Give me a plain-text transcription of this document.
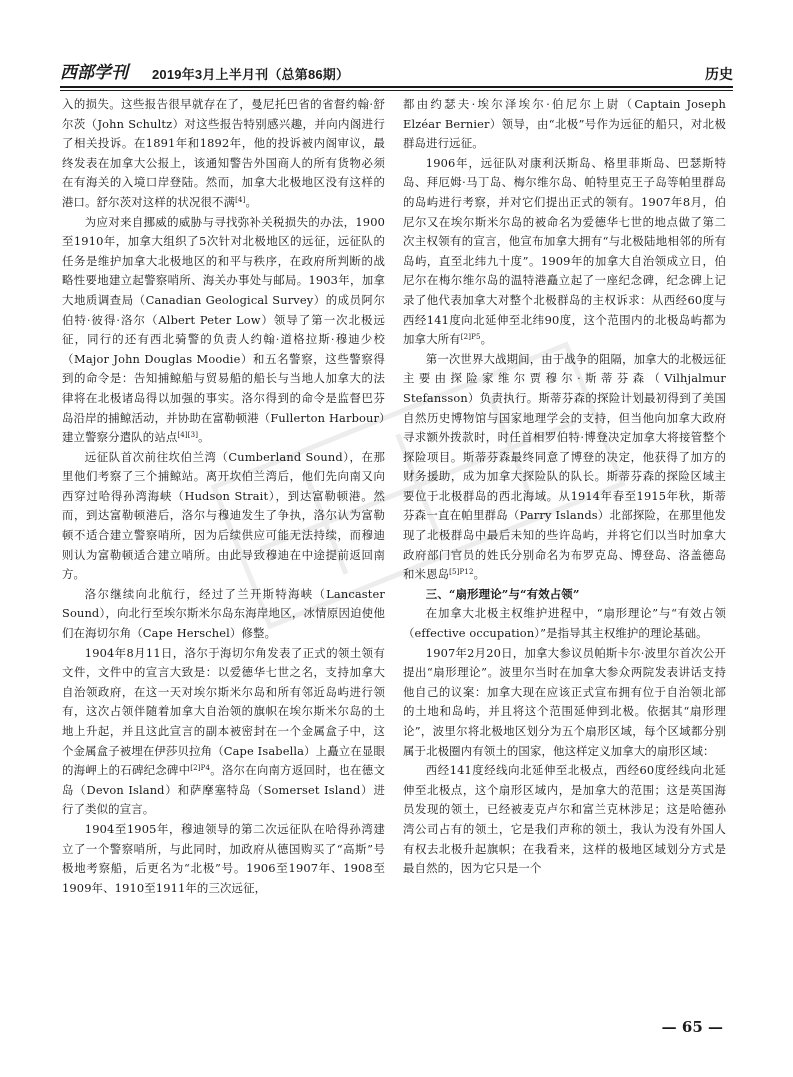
西部学刊 2019年3月上半月刊（总第86期）	历史

入的损失。这些报告很早就存在了，曼尼托巴省的省督约翰·舒尔茨（John Schultz）对这些报告特别感兴趣，并向内阁进行了相关投诉。在1891年和1892年，他的投诉被内阁审议，最终发表在加拿大公报上，该通知警告外国商人的所有货物必须在有海关的入境口岸登陆。然而，加拿大北极地区没有这样的港口。舒尔茨对这样的状况很不满[4]。

为应对来自挪威的威胁与寻找弥补关税损失的办法，1900至1910年，加拿大组织了5次针对北极地区的远征，远征队的任务是维护加拿大北极地区的和平与秩序，在政府所判断的战略性要地建立起警察哨所、海关办事处与邮局。1903年，加拿大地质调查局（Canadian Geological Survey）的成员阿尔伯特·彼得·洛尔（Albert Peter Low）领导了第一次北极远征，同行的还有西北骑警的负责人约翰·道格拉斯·穆迪少校（Major John Douglas Moodie）和五名警察，这些警察得到的命令是：告知捕鲸船与贸易船的船长与当地人加拿大的法律将在北极诸岛得以加强的事实。洛尔得到的命令是监督巴芬岛沿岸的捕鲸活动，并协助在富勒顿港（Fullerton Harbour）建立警察分遣队的站点[4][3]。

远征队首次前往坎伯兰湾（Cumberland Sound），在那里他们考察了三个捕鲸站。离开坎伯兰湾后，他们先向南又向西穿过哈得孙湾海峡（Hudson Strait），到达富勒顿港。然而，到达富勒顿港后，洛尔与穆迪发生了争执，洛尔认为富勒顿不适合建立警察哨所，因为后续供应可能无法持续，而穆迪则认为富勒顿适合建立哨所。由此导致穆迪在中途提前返回南方。

洛尔继续向北航行，经过了兰开斯特海峡（Lancaster Sound），向北行至埃尔斯米尔岛东海岸地区，冰情原因迫使他们在海切尔角（Cape Herschel）修整。

1904年8月11日，洛尔于海切尔角发表了正式的领土领有文件，文件中的宣言大致是：以爱德华七世之名，支持加拿大自治领政府，在这一天对埃尔斯米尔岛和所有邻近岛屿进行领有，这次占领伴随着加拿大自治领的旗帜在埃尔斯米尔岛的土地上升起，并且这此宣言的副本被密封在一个金属盒子中，这个金属盒子被埋在伊莎贝拉角（Cape Isabella）上矗立在显眼的海岬上的石碑纪念碑中$^{[2]P4}$。洛尔在向南方返回时，也在德文岛（Devon Island）和萨摩塞特岛（Somerset Island）进行了类似的宣言。

1904至1905年，穆迪领导的第二次远征队在哈得孙湾建立了一个警察哨所，与此同时，加政府从德国购买了“高斯”号极地考察船，后更名为“北极”号。1906至1907年、1908至1909年、1910至1911年的三次远征，

都由约瑟夫·埃尔泽埃尔·伯尼尔上尉（Captain Joseph Elzéar Bernier）领导，由“北极”号作为远征的船只，对北极群岛进行远征。

1906年，远征队对康利沃斯岛、格里菲斯岛、巴瑟斯特岛、拜厄姆·马丁岛、梅尔维尔岛、帕特里克王子岛等帕里群岛的岛屿进行考察，并对它们提出正式的领有。1907年8月，伯尼尔又在埃尔斯米尔岛的被命名为爱德华七世的地点做了第二次主权领有的宣言，他宣布加拿大拥有“与北极陆地相邻的所有岛屿，直至北纬九十度”。1909年的加拿大自治领成立日，伯尼尔在梅尔维尔岛的温特港矗立起了一座纪念碑，纪念碑上记录了他代表加拿大对整个北极群岛的主权诉求：从西经60度与西经141度向北延伸至北纬90度，这个范围内的北极岛屿都为加拿大所有$^{[2]P5}$。

第一次世界大战期间，由于战争的阻隔，加拿大的北极远征主要由探险家维尔贾穆尔·斯蒂芬森（Vilhjalmur Stefansson）负责执行。斯蒂芬森的探险计划最初得到了美国自然历史博物馆与国家地理学会的支持，但当他向加拿大政府寻求额外拨款时，时任首相罗伯特·博登决定加拿大将接管整个探险项目。斯蒂芬森最终同意了博登的决定，他获得了加方的财务援助，成为加拿大探险队的队长。斯蒂芬森的探险区域主要位于北极群岛的西北海域。从1914年春至1915年秋，斯蒂芬森一直在帕里群岛（Parry Islands）北部探险，在那里他发现了北极群岛中最后未知的些许岛屿，并将它们以当时加拿大政府部门官员的姓氏分别命名为布罗克岛、博登岛、洛盖德岛和米恩岛$^{[5]P12}$。

三、“扇形理论”与“有效占领”

在加拿大北极主权维护进程中，“扇形理论”与“有效占领（effective occupation）”是指导其主权维护的理论基础。

1907年2月20日，加拿大参议员帕斯卡尔·波里尔首次公开提出“扇形理论”。波里尔当时在加拿大参众两院发表讲话支持他自己的议案：加拿大现在应该正式宣布拥有位于自治领北部的土地和岛屿，并且将这个范围延伸到北极。依据其“扇形理论”，波里尔将北极地区划分为五个扇形区域，每个区域都分别属于北极圈内有领土的国家，他这样定义加拿大的扇形区域：

西经141度经线向北延伸至北极点，西经60度经线向北延伸至北极点，这个扇形区域内，是加拿大的范围；这是英国海员发现的领土，已经被麦克卢尔和富兰克林涉足；这是哈德孙湾公司占有的领土，它是我们声称的领土，我认为没有外国人有权去北极升起旗帜；在我看来，这样的极地区域划分方式是最自然的，因为它只是一个

— 65 —
